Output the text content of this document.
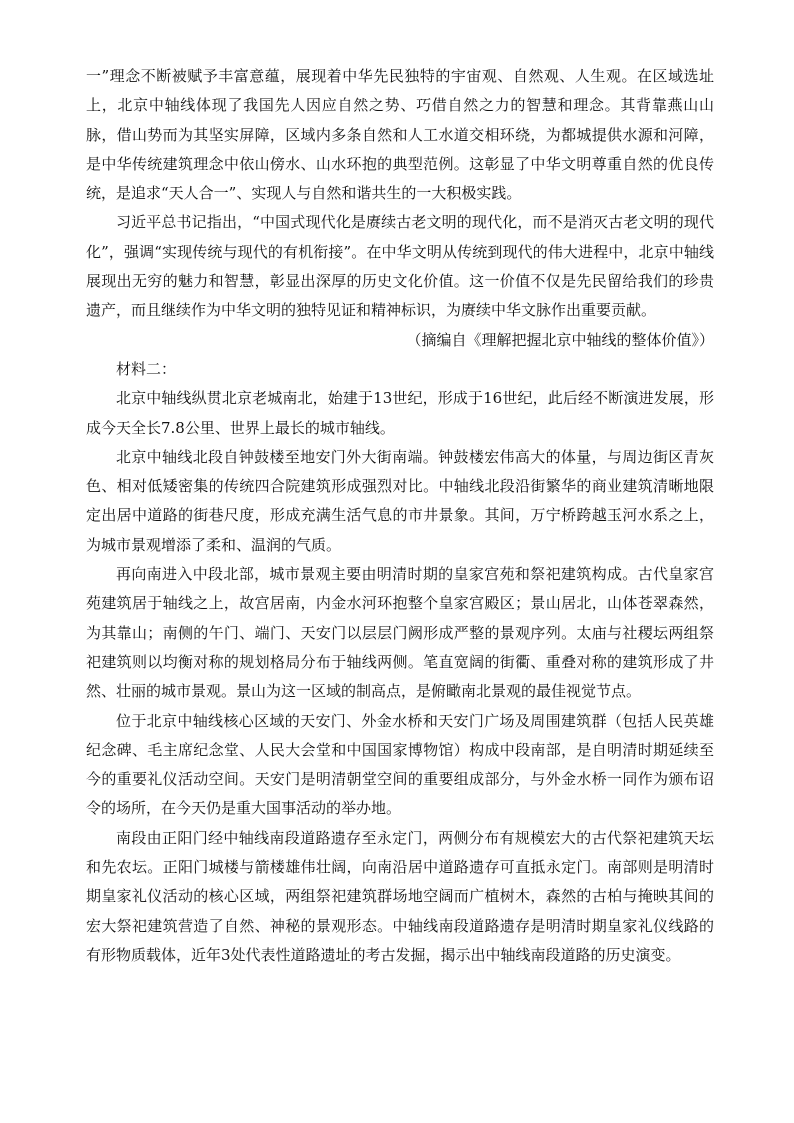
一”理念不断被赋予丰富意蕴，展现着中华先民独特的宇宙观、自然观、人生观。在区域选址上，北京中轴线体现了我国先人因应自然之势、巧借自然之力的智慧和理念。其背靠燕山山脉，借山势而为其坚实屏障，区域内多条自然和人工水道交相环绕，为都城提供水源和河障，是中华传统建筑理念中依山傍水、山水环抱的典型范例。这彰显了中华文明尊重自然的优良传统，是追求“天人合一”、实现人与自然和谐共生的一大积极实践。

习近平总书记指出，“中国式现代化是赓续古老文明的现代化，而不是消灭古老文明的现代化”，强调“实现传统与现代的有机衔接”。在中华文明从传统到现代的伟大进程中，北京中轴线展现出无穷的魅力和智慧，彰显出深厚的历史文化价值。这一价值不仅是先民留给我们的珍贵遗产，而且继续作为中华文明的独特见证和精神标识，为赓续中华文脉作出重要贡献。

（摘编自《理解把握北京中轴线的整体价值》）

材料二：

北京中轴线纵贯北京老城南北，始建于13世纪，形成于16世纪，此后经不断演进发展，形成今天全长7.8公里、世界上最长的城市轴线。

北京中轴线北段自钟鼓楼至地安门外大街南端。钟鼓楼宏伟高大的体量，与周边街区青灰色、相对低矮密集的传统四合院建筑形成强烈对比。中轴线北段沿街繁华的商业建筑清晰地限定出居中道路的街巷尺度，形成充满生活气息的市井景象。其间，万宁桥跨越玉河水系之上，为城市景观增添了柔和、温润的气质。

再向南进入中段北部，城市景观主要由明清时期的皇家宫苑和祭祀建筑构成。古代皇家宫苑建筑居于轴线之上，故宫居南，内金水河环抱整个皇家宫殿区；景山居北，山体苍翠森然，为其靠山；南侧的午门、端门、天安门以层层门阙形成严整的景观序列。太庙与社稷坛两组祭祀建筑则以均衡对称的规划格局分布于轴线两侧。笔直宽阔的街衢、重叠对称的建筑形成了井然、壮丽的城市景观。景山为这一区域的制高点，是俯瞰南北景观的最佳视觉节点。

位于北京中轴线核心区域的天安门、外金水桥和天安门广场及周围建筑群（包括人民英雄纪念碑、毛主席纪念堂、人民大会堂和中国国家博物馆）构成中段南部，是自明清时期延续至今的重要礼仪活动空间。天安门是明清朝堂空间的重要组成部分，与外金水桥一同作为颁布诏令的场所，在今天仍是重大国事活动的举办地。

南段由正阳门经中轴线南段道路遗存至永定门，两侧分布有规模宏大的古代祭祀建筑天坛和先农坛。正阳门城楼与箭楼雄伟壮阔，向南沿居中道路遗存可直抵永定门。南部则是明清时期皇家礼仪活动的核心区域，两组祭祀建筑群场地空阔而广植树木，森然的古柏与掩映其间的宏大祭祀建筑营造了自然、神秘的景观形态。中轴线南段道路遗存是明清时期皇家礼仪线路的有形物质载体，近年3处代表性道路遗址的考古发掘，揭示出中轴线南段道路的历史演变。
